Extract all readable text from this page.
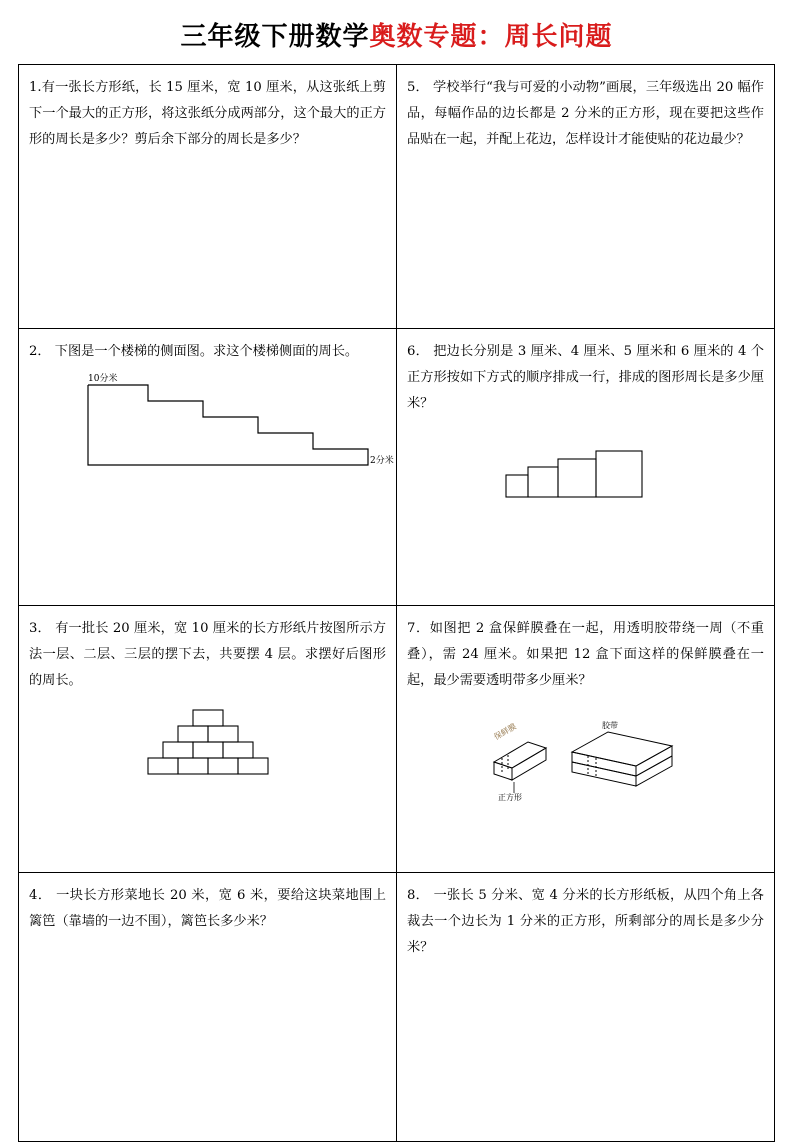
三年级下册数学奥数专题：周长问题
1.有一张长方形纸，长 15 厘米，宽 10 厘米，从这张纸上剪下一个最大的正方形，将这张纸分成两部分，这个最大的正方形的周长是多少？剪后余下部分的周长是多少？	5． 学校举行“我与可爱的小动物”画展，三年级选出 20 幅作品，每幅作品的边长都是 2 分米的正方形，现在要把这些作品贴在一起，并配上花边，怎样设计才能使贴的花边最少？

2． 下图是一个楼梯的侧面图。求这个楼梯侧面的周长。
10分米
2分米	6． 把边长分别是 3 厘米、4 厘米、5 厘米和 6 厘米的 4 个正方形按如下方式的顺序排成一行，排成的图形周长是多少厘米？

3． 有一批长 20 厘米，宽 10 厘米的长方形纸片按图所示方法一层、二层、三层的摆下去，共要摆 4 层。求摆好后图形的周长。	7．如图把 2 盒保鲜膜叠在一起，用透明胶带绕一周（不重叠），需 24 厘米。如果把 12 盒下面这样的保鲜膜叠在一起，最少需要透明带多少厘米？
保鲜膜 胶带
正方形

4． 一块长方形菜地长 20 米，宽 6 米，要给这块菜地围上篱笆（靠墙的一边不围），篱笆长多少米？	8． 一张长 5 分米、宽 4 分米的长方形纸板，从四个角上各裁去一个边长为 1 分米的正方形，所剩部分的周长是多少分米？
